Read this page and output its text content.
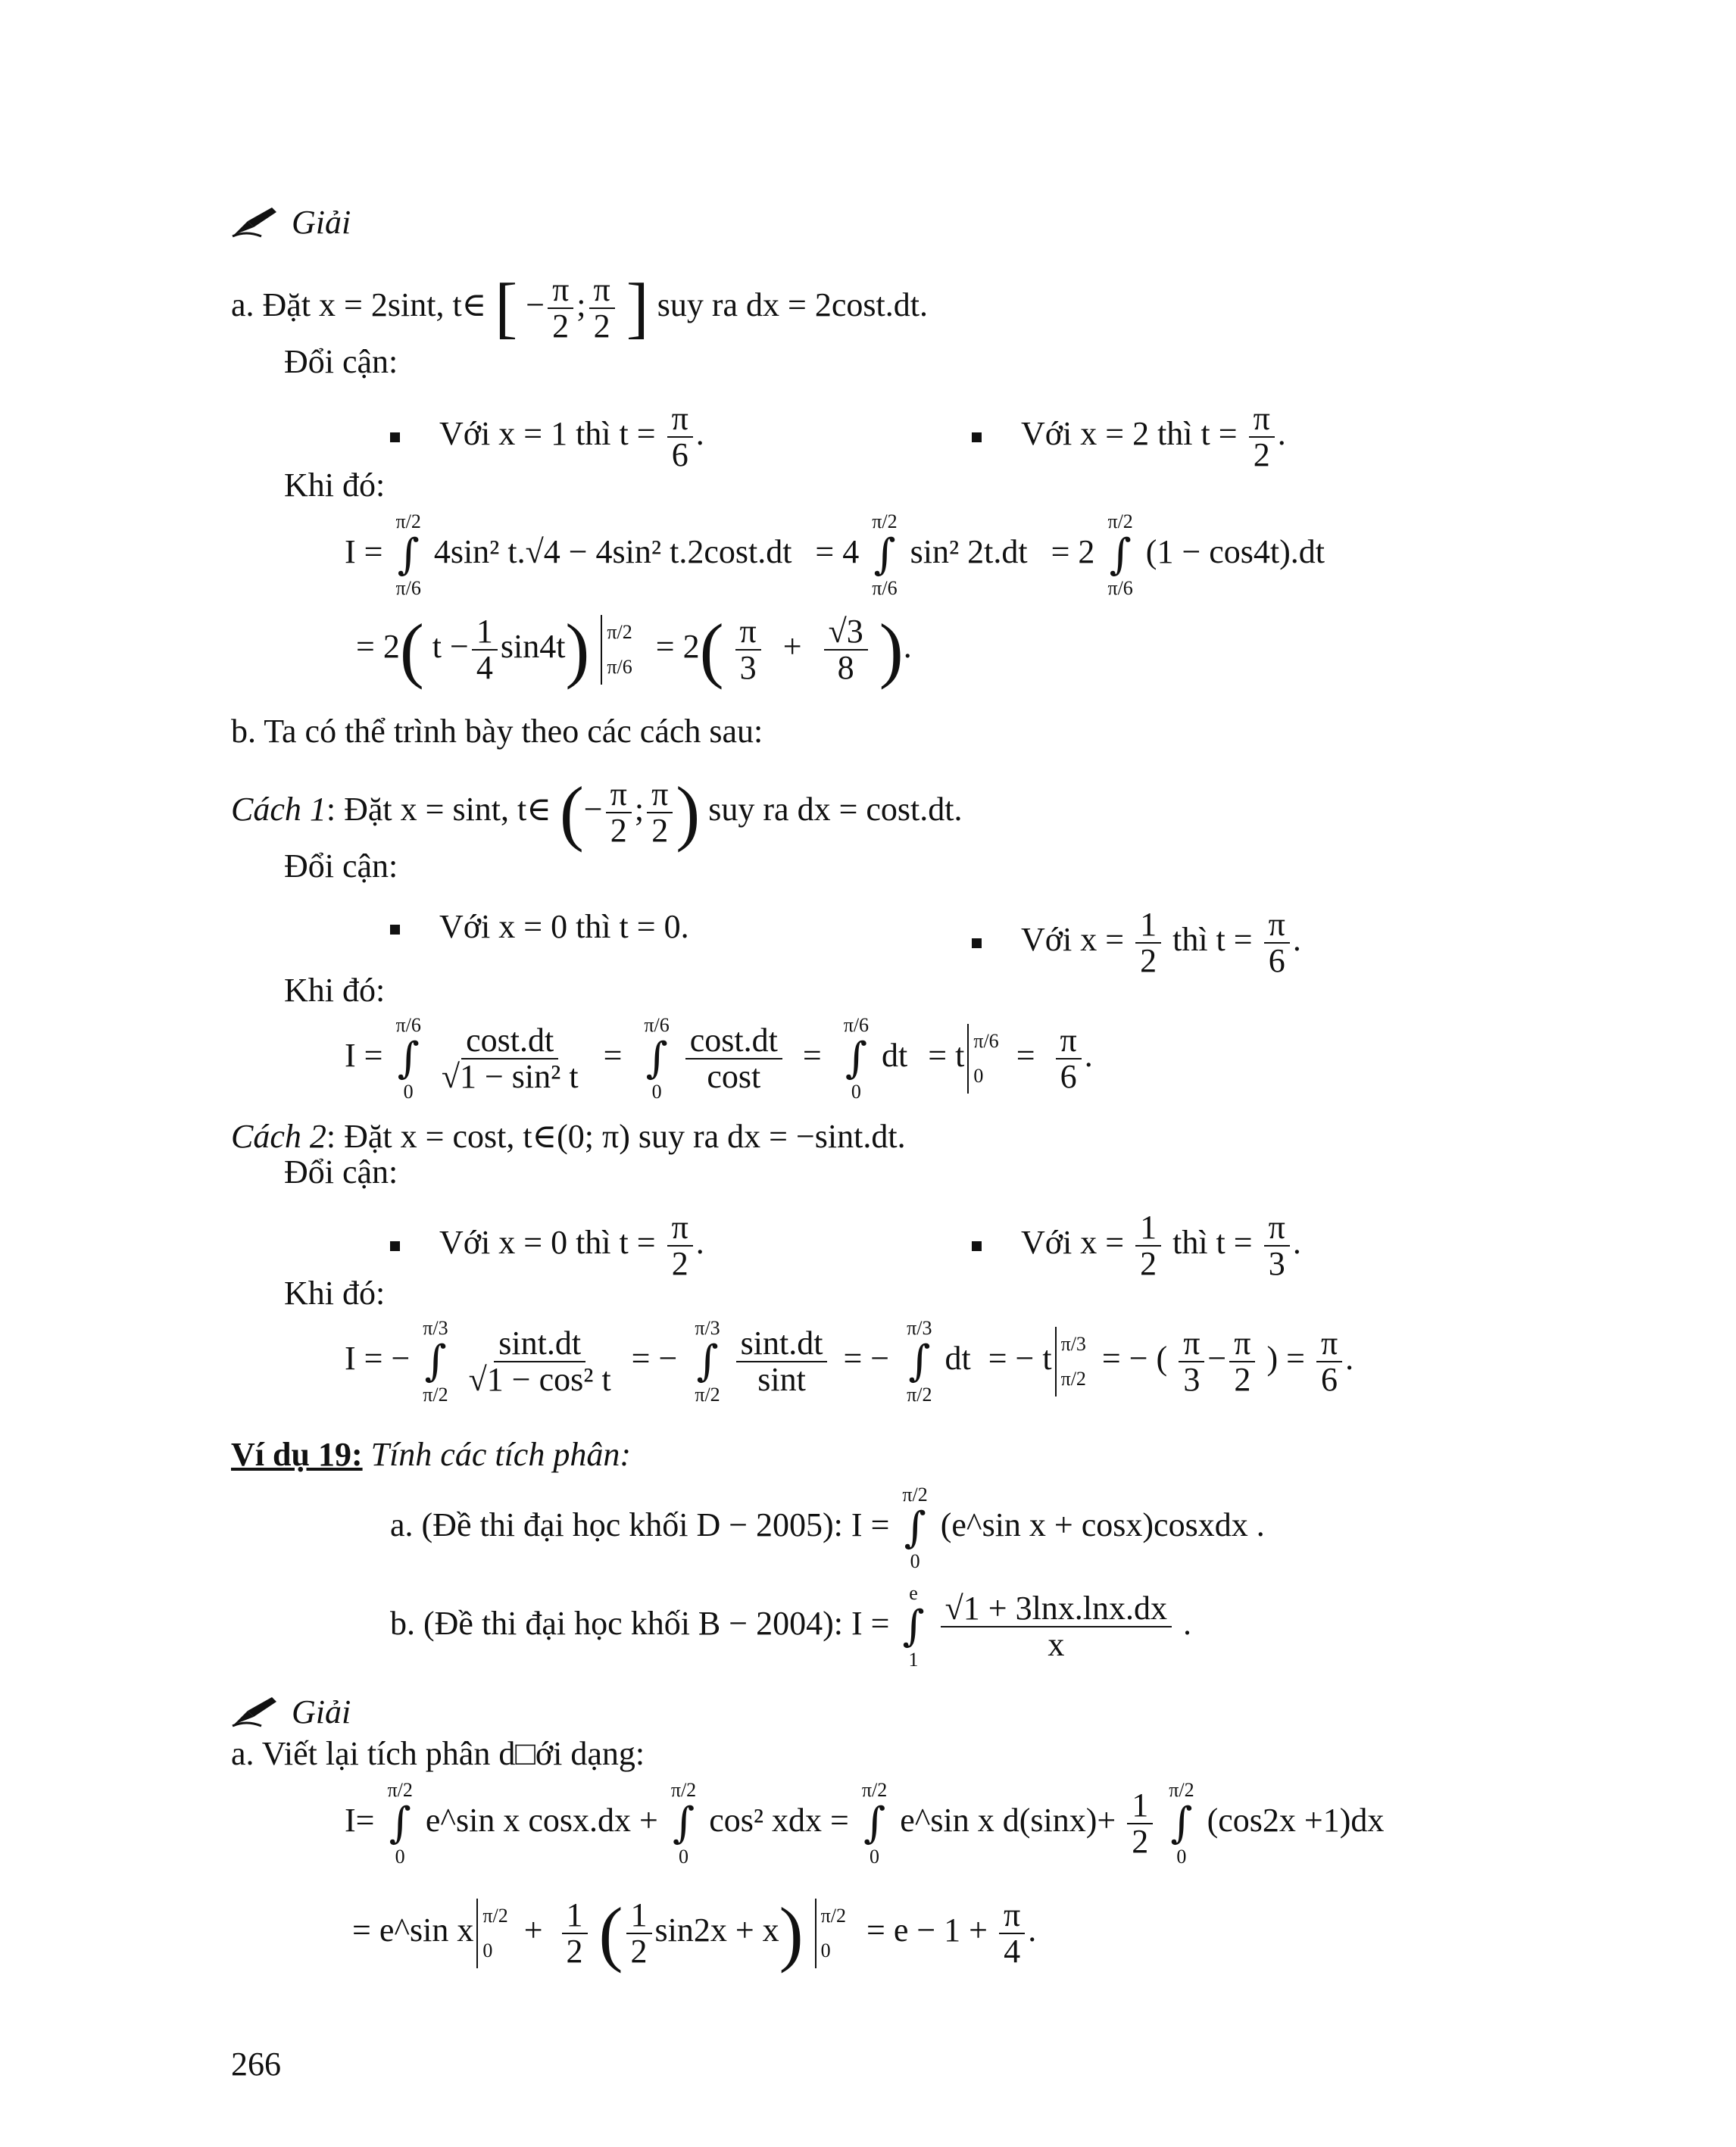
Giải
a. Đặt x = 2sint, t∈ [ − $\frac{\pi}{2}$ ; $\frac{\pi}{2}$ ] suy ra dx = 2cost.dt.
Đổi cận:
Với x = 1 thì $t = \frac{\pi}{6}$ .	Với x = 2 thì $t = \frac{\pi}{2}$ .
Khi đó:
I =
π/2
∫
π/6
4sin² t.√4 − 4sin² t.2cost.dt = 4
π/2
∫
π/6
sin² 2t.dt = 2
π/2
∫
π/6
(1 − cos4t).dt
= 2( $t - \frac{1}{4} \sin 4t$) π/2
π/6
= $2( \frac{\pi}{3} + \frac{√3}{8}$ ).
b. Ta có thể trình bày theo các cách sau:
Cách 1: Đặt x = sint, t∈ (− $\frac{\pi}{2}$ ; $\frac{\pi}{2}$ ) suy ra dx = cost.dt.
Đổi cận:
Với x = 0 thì t = 0.	Với $x = \frac{1}{2}$ thì $t = \frac{\pi}{6}$ .
Khi đó:
I =
π/6
∫
0
$\frac{\cos t.dt}{\text{√1 − sin² t}}$ =
π/6
∫
0
$\frac{\cos t.dt}{\cos t}$ =
π/6
∫
0
dt = t π/6
0
= $\frac{\pi}{6}$ .
Cách 2: Đặt x = cost, t∈(0; π) suy ra dx = −sint.dt.
Đổi cận:
Với x = 0 thì $t = \frac{\pi}{2}$ .	Với $x = \frac{1}{2}$ thì $t = \frac{\pi}{3}$ .
Khi đó:
I = −
π/3
∫
π/2
$\frac{\sin t.dt}{\text{√1 − cos² t}}$ = −
π/3
∫
π/2
$\frac{\sin t.dt}{\sin t}$ = −
π/3
∫
π/2
dt = − t π/3
π/2
= − ( $\frac{\pi}{3} - \frac{\pi}{2}$ ) = $\frac{\pi}{6}$ .
Ví dụ 19: Tính các tích phân:
a. (Đề thi đại học khối D − 2005): I =
π/2
∫
0
(e^sin x + cosx)cosxdx .
b. (Đề thi đại học khối B − 2004): I =
e
∫
1
$\frac{√1 + 3\ln x.\ln x.dx}{x}$ .
Giải
a. Viết lại tích phân d□ới dạng:
I=
π/2
∫
0
e^sin x cosx.dx +
π/2
∫
0
cos² xdx =
π/2
∫
0
e^sin x $d(\sin x)+ \frac{1}{2}$
π/2
∫
0
(cos2x +1)dx
= e^sin x π/2
0
+ $\frac{1}{2}$ ( $\frac{1}{2} \sin 2x + x$) π/2
0
= $e - 1 + \frac{\pi}{4}$ .
266
